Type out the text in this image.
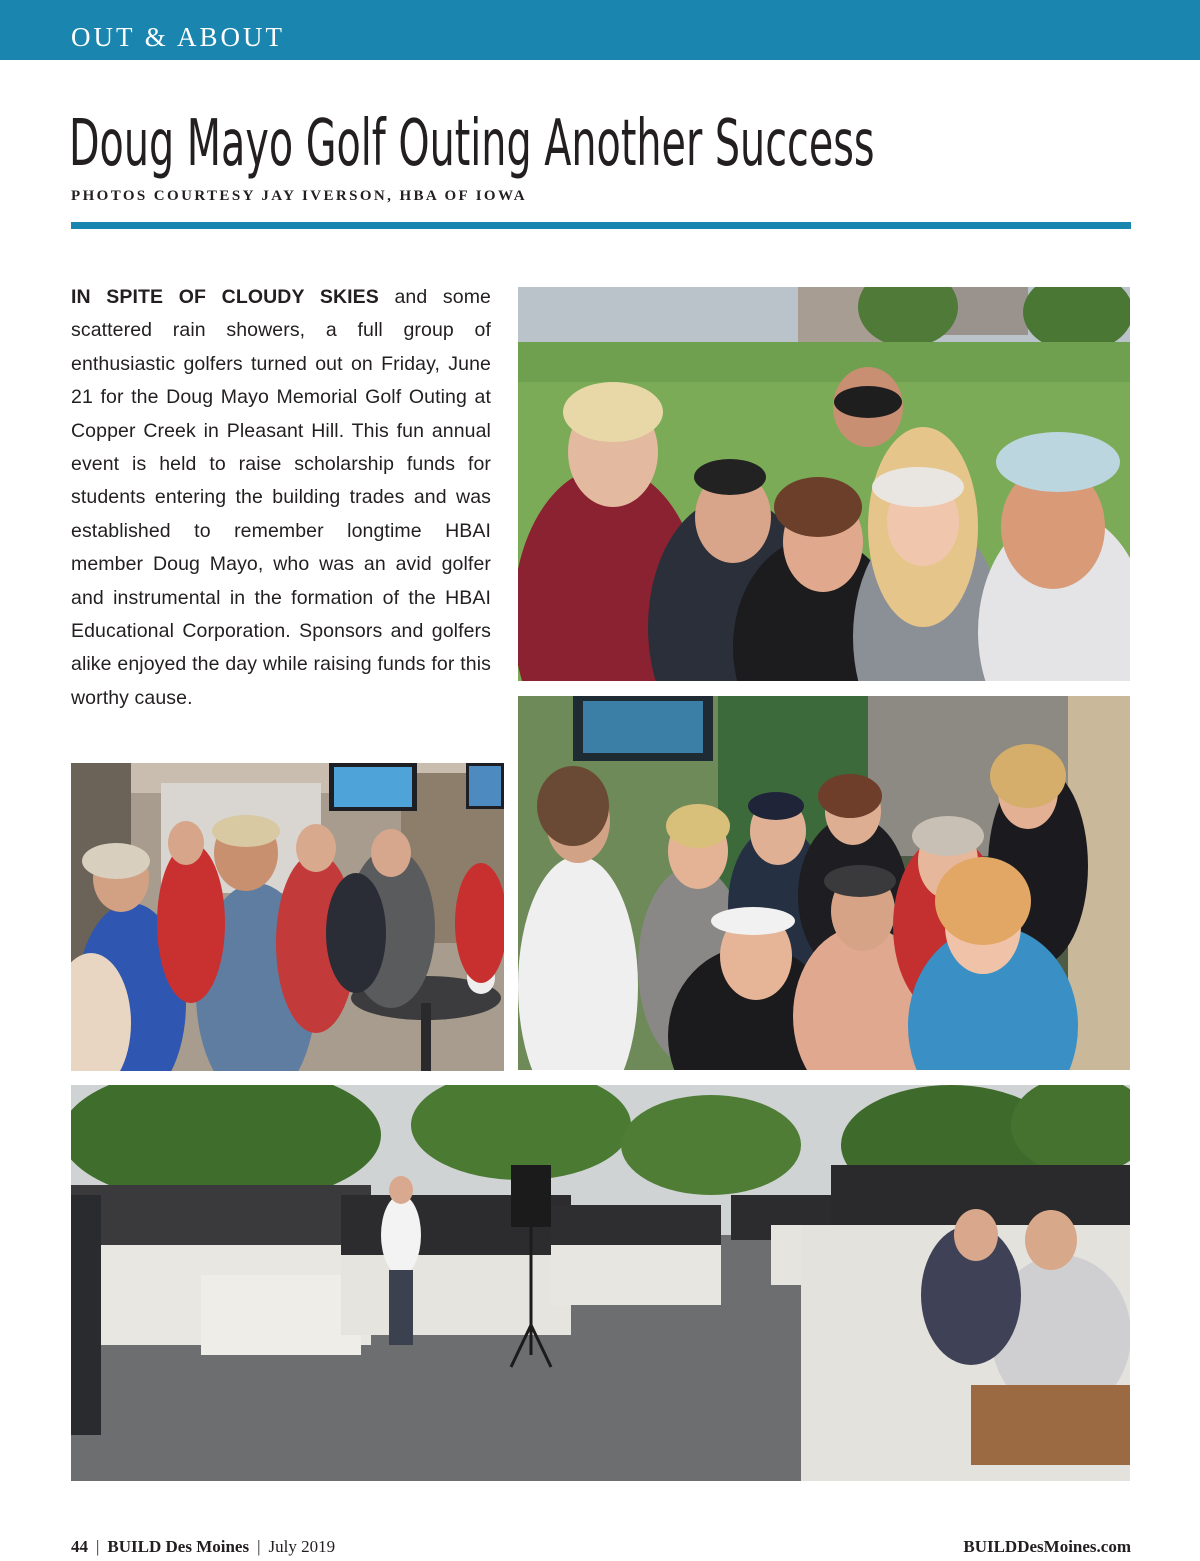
OUT & ABOUT
Doug Mayo Golf Outing Another Success
PHOTOS COURTESY JAY IVERSON, HBA OF IOWA
IN SPITE OF CLOUDY SKIES and some scattered rain showers, a full group of enthusiastic golfers turned out on Friday, June 21 for the Doug Mayo Memorial Golf Outing at Copper Creek in Pleasant Hill. This fun annual event is held to raise scholarship funds for students entering the building trades and was established to remember longtime HBAI member Doug Mayo, who was an avid golfer and instrumental in the formation of the HBAI Educational Corporation. Sponsors and golfers alike enjoyed the day while raising funds for this worthy cause.
44 | BUILD Des Moines | July 2019	BUILDDesMoines.com
